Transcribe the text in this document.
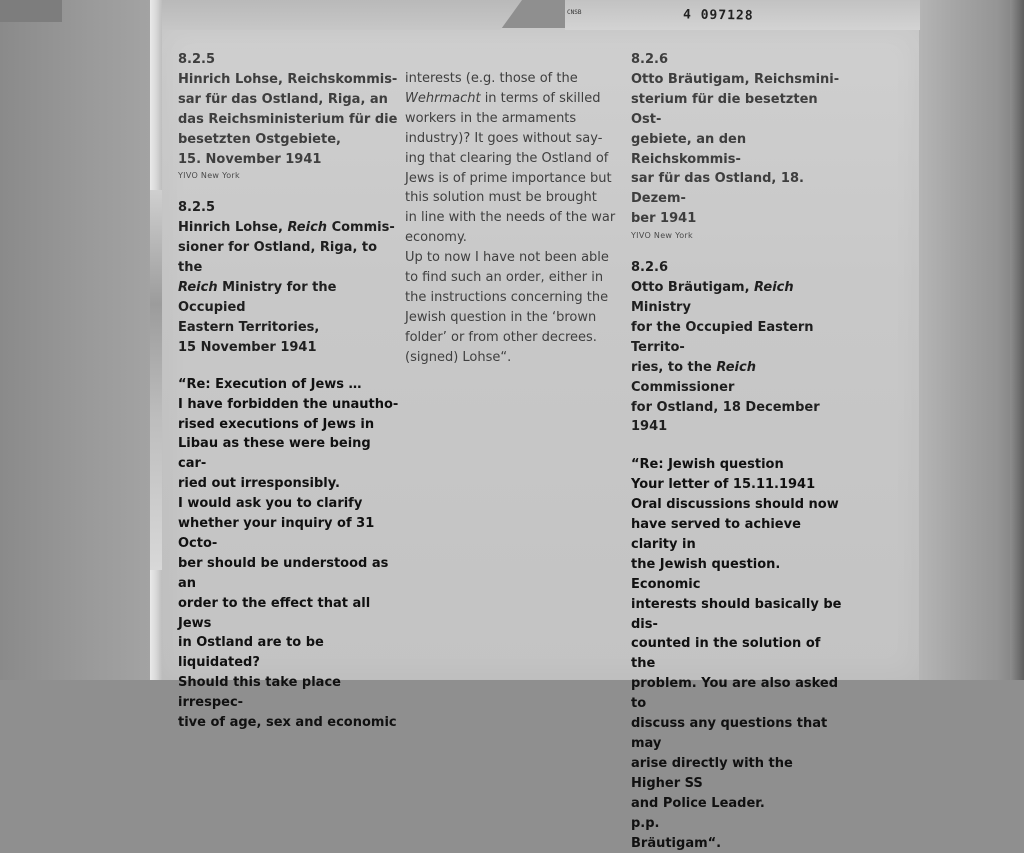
CNSB	4 097128
8.2.5
Hinrich Lohse, Reichskommis-
sar für das Ostland, Riga, an
das Reichsministerium für die
besetzten Ostgebiete,
15. November 1941
YIVO New York
8.2.5
Hinrich Lohse, Reich Commis-
sioner for Ostland, Riga, to the
Reich Ministry for the Occupied
Eastern Territories,
15 November 1941
“Re: Execution of Jews …
I have forbidden the unautho-
rised executions of Jews in
Libau as these were being car-
ried out irresponsibly.
I would ask you to clarify
whether your inquiry of 31 Octo-
ber should be understood as an
order to the effect that all Jews
in Ostland are to be liquidated?
Should this take place irrespec-
tive of age, sex and economic
interests (e.g. those of the
Wehrmacht in terms of skilled
workers in the armaments
industry)? It goes without say-
ing that clearing the Ostland of
Jews is of prime importance but
this solution must be brought
in line with the needs of the war
economy.
Up to now I have not been able
to find such an order, either in
the instructions concerning the
Jewish question in the ‘brown
folder’ or from other decrees.
(signed) Lohse“.
8.2.6
Otto Bräutigam, Reichsmini-
sterium für die besetzten Ost-
gebiete, an den Reichskommis-
sar für das Ostland, 18. Dezem-
ber 1941
YIVO New York
8.2.6
Otto Bräutigam, Reich Ministry
for the Occupied Eastern Territo-
ries, to the Reich Commissioner
for Ostland, 18 December 1941
“Re: Jewish question
Your letter of 15.11.1941
Oral discussions should now
have served to achieve clarity in
the Jewish question. Economic
interests should basically be dis-
counted in the solution of the
problem. You are also asked to
discuss any questions that may
arise directly with the Higher SS
and Police Leader.
p.p.
Bräutigam“.
